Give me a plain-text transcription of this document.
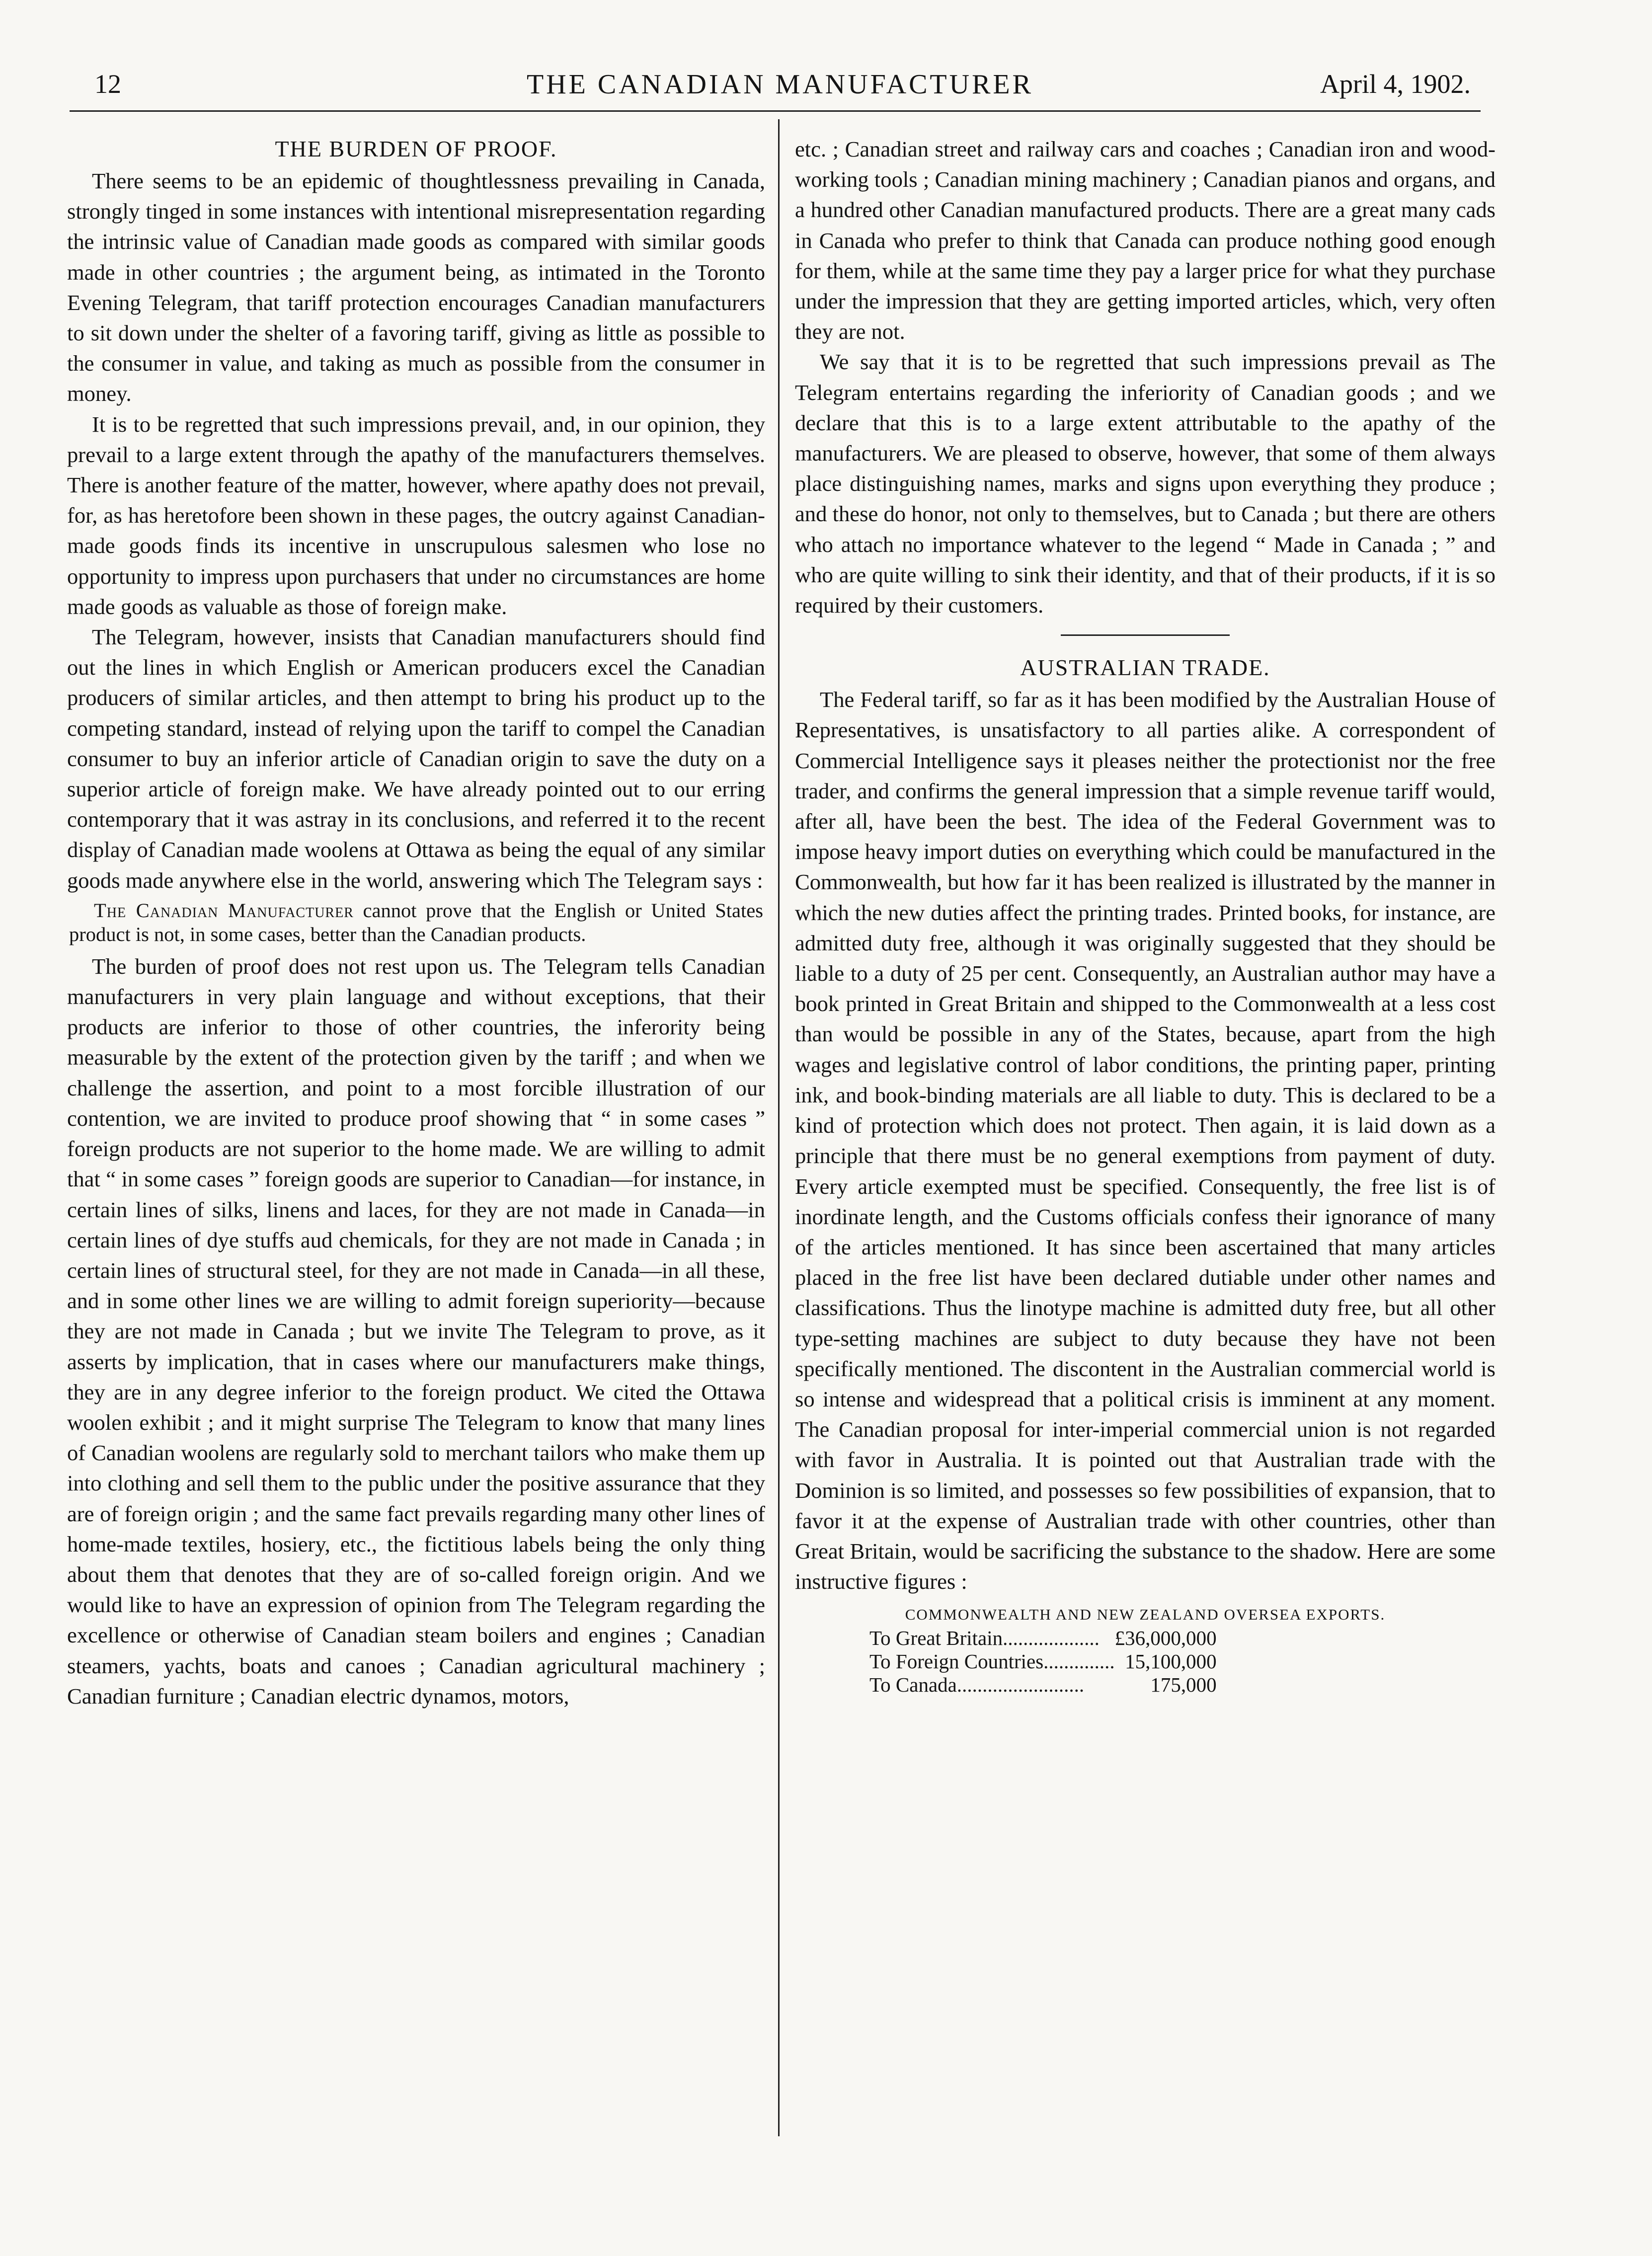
12	THE CANADIAN MANUFACTURER	April 4, 1902.
THE BURDEN OF PROOF.

There seems to be an epidemic of thoughtlessness prevailing in Canada, strongly tinged in some instances with intentional misrepresentation regarding the intrinsic value of Canadian made goods as compared with similar goods made in other countries ; the argument being, as intimated in the Toronto Evening Telegram, that tariff protection encourages Canadian manufacturers to sit down under the shelter of a favoring tariff, giving as little as possible to the consumer in value, and taking as much as possible from the consumer in money.

It is to be regretted that such impressions prevail, and, in our opinion, they prevail to a large extent through the apathy of the manufacturers themselves. There is another feature of the matter, however, where apathy does not prevail, for, as has heretofore been shown in these pages, the outcry against Canadian-made goods finds its incentive in unscrupulous salesmen who lose no opportunity to impress upon purchasers that under no circumstances are home made goods as valuable as those of foreign make.

The Telegram, however, insists that Canadian manufacturers should find out the lines in which English or American producers excel the Canadian producers of similar articles, and then attempt to bring his product up to the competing standard, instead of relying upon the tariff to compel the Canadian consumer to buy an inferior article of Canadian origin to save the duty on a superior article of foreign make. We have already pointed out to our erring contemporary that it was astray in its conclusions, and referred it to the recent display of Canadian made woolens at Ottawa as being the equal of any similar goods made anywhere else in the world, answering which The Telegram says :

The Canadian Manufacturer cannot prove that the English or United States product is not, in some cases, better than the Canadian products.

The burden of proof does not rest upon us. The Telegram tells Canadian manufacturers in very plain language and without exceptions, that their products are inferior to those of other countries, the inferority being measurable by the extent of the protection given by the tariff ; and when we challenge the assertion, and point to a most forcible illustration of our contention, we are invited to produce proof showing that “ in some cases ” foreign products are not superior to the home made. We are willing to admit that “ in some cases ” foreign goods are superior to Canadian—for instance, in certain lines of silks, linens and laces, for they are not made in Canada—in certain lines of dye stuffs aud chemicals, for they are not made in Canada ; in certain lines of structural steel, for they are not made in Canada—in all these, and in some other lines we are willing to admit foreign superiority—because they are not made in Canada ; but we invite The Telegram to prove, as it asserts by implication, that in cases where our manufacturers make things, they are in any degree inferior to the foreign product. We cited the Ottawa woolen exhibit ; and it might surprise The Telegram to know that many lines of Canadian woolens are regularly sold to merchant tailors who make them up into clothing and sell them to the public under the positive assurance that they are of foreign origin ; and the same fact prevails regarding many other lines of home-made textiles, hosiery, etc., the fictitious labels being the only thing about them that denotes that they are of so-called foreign origin. And we would like to have an expression of opinion from The Telegram regarding the excellence or otherwise of Canadian steam boilers and engines ; Canadian steamers, yachts, boats and canoes ; Canadian agricultural machinery ; Canadian furniture ; Canadian electric dynamos, motors,

etc. ; Canadian street and railway cars and coaches ; Canadian iron and wood-working tools ; Canadian mining machinery ; Canadian pianos and organs, and a hundred other Canadian manufactured products. There are a great many cads in Canada who prefer to think that Canada can produce nothing good enough for them, while at the same time they pay a larger price for what they purchase under the impression that they are getting imported articles, which, very often they are not.

We say that it is to be regretted that such impressions prevail as The Telegram entertains regarding the inferiority of Canadian goods ; and we declare that this is to a large extent attributable to the apathy of the manufacturers. We are pleased to observe, however, that some of them always place distinguishing names, marks and signs upon everything they produce ; and these do honor, not only to themselves, but to Canada ; but there are others who attach no importance whatever to the legend “ Made in Canada ; ” and who are quite willing to sink their identity, and that of their products, if it is so required by their customers.

AUSTRALIAN TRADE.

The Federal tariff, so far as it has been modified by the Australian House of Representatives, is unsatisfactory to all parties alike. A correspondent of Commercial Intelligence says it pleases neither the protectionist nor the free trader, and confirms the general impression that a simple revenue tariff would, after all, have been the best. The idea of the Federal Government was to impose heavy import duties on everything which could be manufactured in the Commonwealth, but how far it has been realized is illustrated by the manner in which the new duties affect the printing trades. Printed books, for instance, are admitted duty free, although it was originally suggested that they should be liable to a duty of 25 per cent. Consequently, an Australian author may have a book printed in Great Britain and shipped to the Commonwealth at a less cost than would be possible in any of the States, because, apart from the high wages and legislative control of labor conditions, the printing paper, printing ink, and book-binding materials are all liable to duty. This is declared to be a kind of protection which does not protect. Then again, it is laid down as a principle that there must be no general exemptions from payment of duty. Every article exempted must be specified. Consequently, the free list is of inordinate length, and the Customs officials confess their ignorance of many of the articles mentioned. It has since been ascertained that many articles placed in the free list have been declared dutiable under other names and classifications. Thus the linotype machine is admitted duty free, but all other type-setting machines are subject to duty because they have not been specifically mentioned. The discontent in the Australian commercial world is so intense and widespread that a political crisis is imminent at any moment. The Canadian proposal for inter-imperial commercial union is not regarded with favor in Australia. It is pointed out that Australian trade with the Dominion is so limited, and possesses so few possibilities of expansion, that to favor it at the expense of Australian trade with other countries, other than Great Britain, would be sacrificing the substance to the shadow. Here are some instructive figures :

COMMONWEALTH AND NEW ZEALAND OVERSEA EXPORTS.
To Great Britain...................	£36,000,000
To Foreign Countries..............	15,100,000
To Canada.........................	175,000
